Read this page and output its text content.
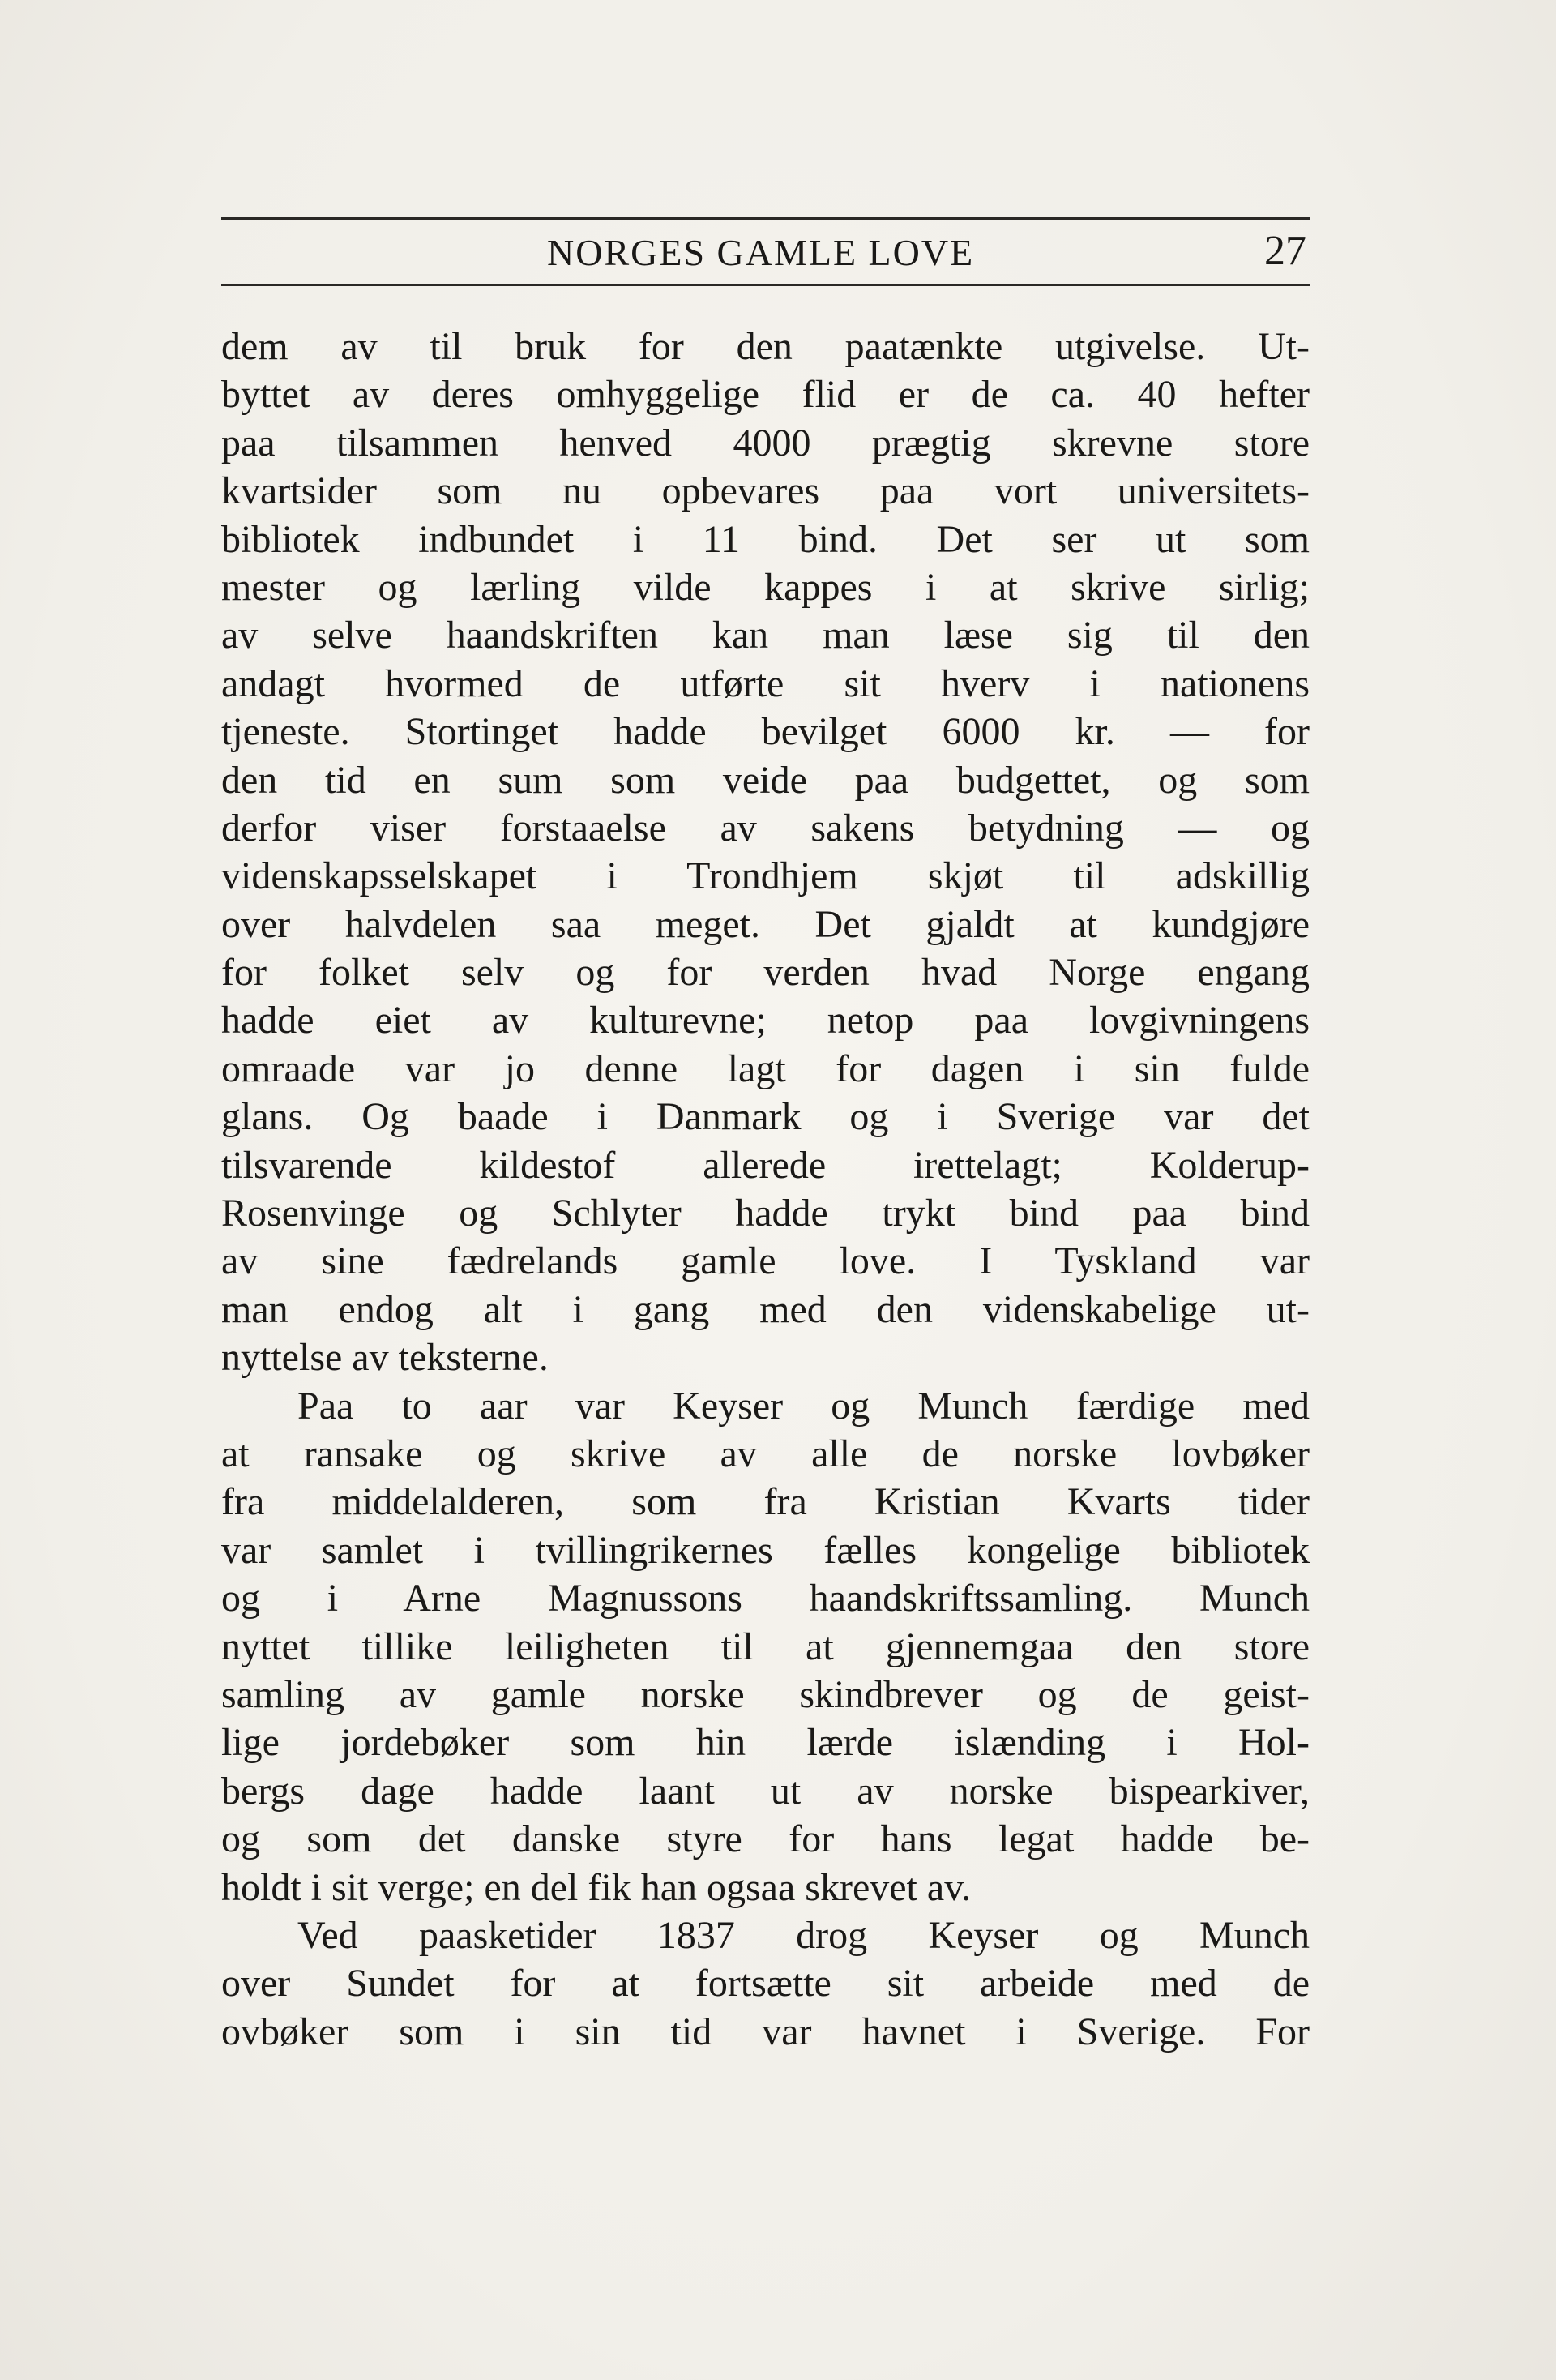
NORGES GAMLE LOVE	27
dem av til bruk for den paatænkte utgivelse. Ut-
byttet av deres omhyggelige flid er de ca. 40 hefter
paa tilsammen henved 4000 prægtig skrevne store
kvartsider som nu opbevares paa vort universitets-
bibliotek indbundet i 11 bind. Det ser ut som
mester og lærling vilde kappes i at skrive sirlig;
av selve haandskriften kan man læse sig til den
andagt hvormed de utførte sit hverv i nationens
tjeneste. Stortinget hadde bevilget 6000 kr. — for
den tid en sum som veide paa budgettet, og som
derfor viser forstaaelse av sakens betydning — og
videnskapsselskapet i Trondhjem skjøt til adskillig
over halvdelen saa meget. Det gjaldt at kundgjøre
for folket selv og for verden hvad Norge engang
hadde eiet av kulturevne; netop paa lovgivningens
omraade var jo denne lagt for dagen i sin fulde
glans. Og baade i Danmark og i Sverige var det
tilsvarende kildestof allerede irettelagt; Kolderup-
Rosenvinge og Schlyter hadde trykt bind paa bind
av sine fædrelands gamle love. I Tyskland var
man endog alt i gang med den videnskabelige ut-
nyttelse av teksterne.
Paa to aar var Keyser og Munch færdige med
at ransake og skrive av alle de norske lovbøker
fra middelalderen, som fra Kristian Kvarts tider
var samlet i tvillingrikernes fælles kongelige bibliotek
og i Arne Magnussons haandskriftssamling. Munch
nyttet tillike leiligheten til at gjennemgaa den store
samling av gamle norske skindbrever og de geist-
lige jordebøker som hin lærde islænding i Hol-
bergs dage hadde laant ut av norske bispearkiver,
og som det danske styre for hans legat hadde be-
holdt i sit verge; en del fik han ogsaa skrevet av.
Ved paasketider 1837 drog Keyser og Munch
over Sundet for at fortsætte sit arbeide med de
ovbøker som i sin tid var havnet i Sverige. For
